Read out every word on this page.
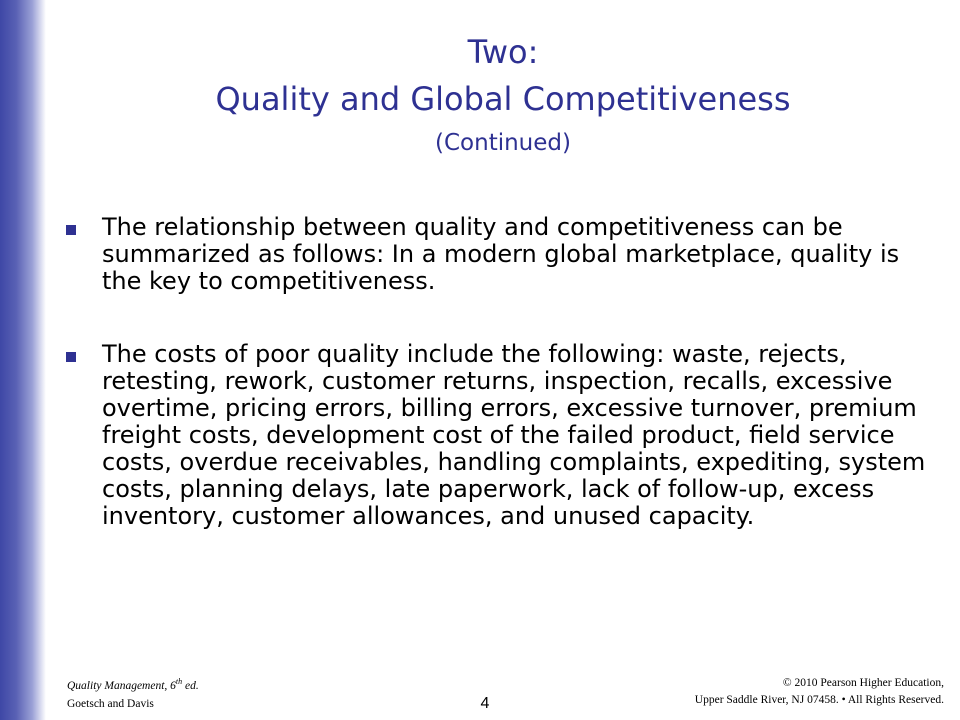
Two:
Quality and Global Competitiveness
(Continued)
The relationship between quality and competitiveness can be summarized as follows: In a modern global marketplace, quality is the key to competitiveness.
The costs of poor quality include the following: waste, rejects, retesting, rework, customer returns, inspection, recalls, excessive overtime, pricing errors, billing errors, excessive turnover, premium freight costs, development cost of the failed product, field service costs, overdue receivables, handling complaints, expediting, system costs, planning delays, late paperwork, lack of follow-up, excess inventory, customer allowances, and unused capacity.
Quality Management, 6th ed.
Goetsch and Davis	4
© 2010 Pearson Higher Education,
Upper Saddle River, NJ 07458. • All Rights Reserved.
